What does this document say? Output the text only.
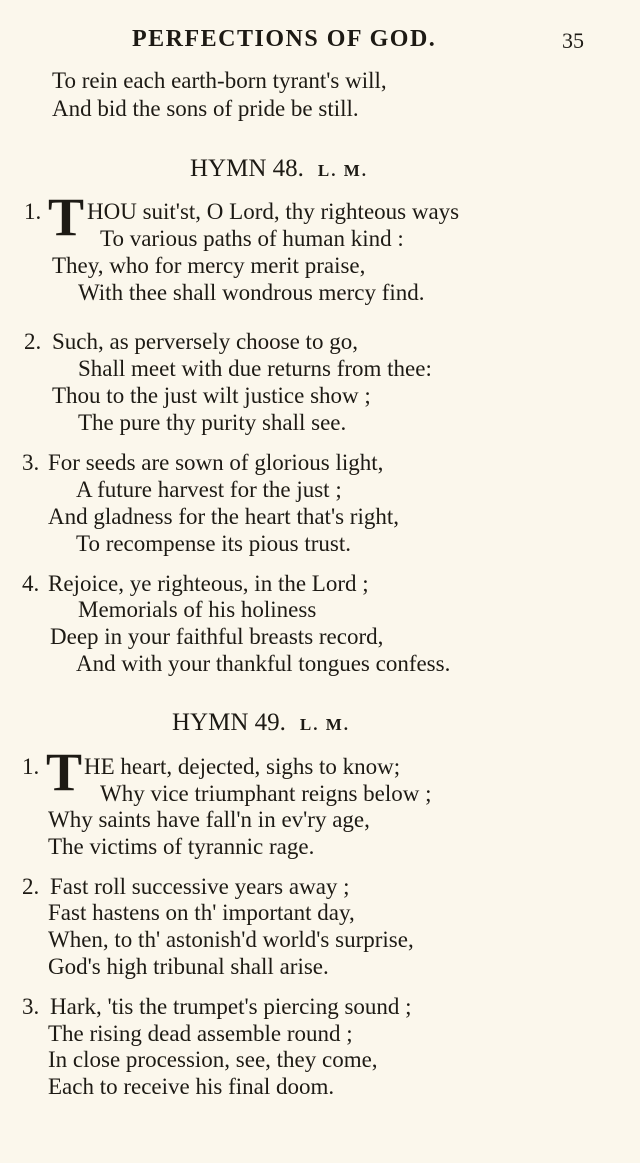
PERFECTIONS OF GOD.	35
To rein each earth-born tyrant's will,
And bid the sons of pride be still.
HYMN 48. L. M.
1. T HOU suit'st, O Lord, thy righteous ways
To various paths of human kind :
They, who for mercy merit praise,
With thee shall wondrous mercy find.
2. Such, as perversely choose to go,
Shall meet with due returns from thee:
Thou to the just wilt justice show ;
The pure thy purity shall see.
3. For seeds are sown of glorious light,
A future harvest for the just ;
And gladness for the heart that's right,
To recompense its pious trust.
4. Rejoice, ye righteous, in the Lord ;
Memorials of his holiness
Deep in your faithful breasts record,
And with your thankful tongues confess.
HYMN 49. L. M.
1. T HE heart, dejected, sighs to know;
Why vice triumphant reigns below ;
Why saints have fall'n in ev'ry age,
The victims of tyrannic rage.
2. Fast roll successive years away ;
Fast hastens on th' important day,
When, to th' astonish'd world's surprise,
God's high tribunal shall arise.
3. Hark, 'tis the trumpet's piercing sound ;
The rising dead assemble round ;
In close procession, see, they come,
Each to receive his final doom.
